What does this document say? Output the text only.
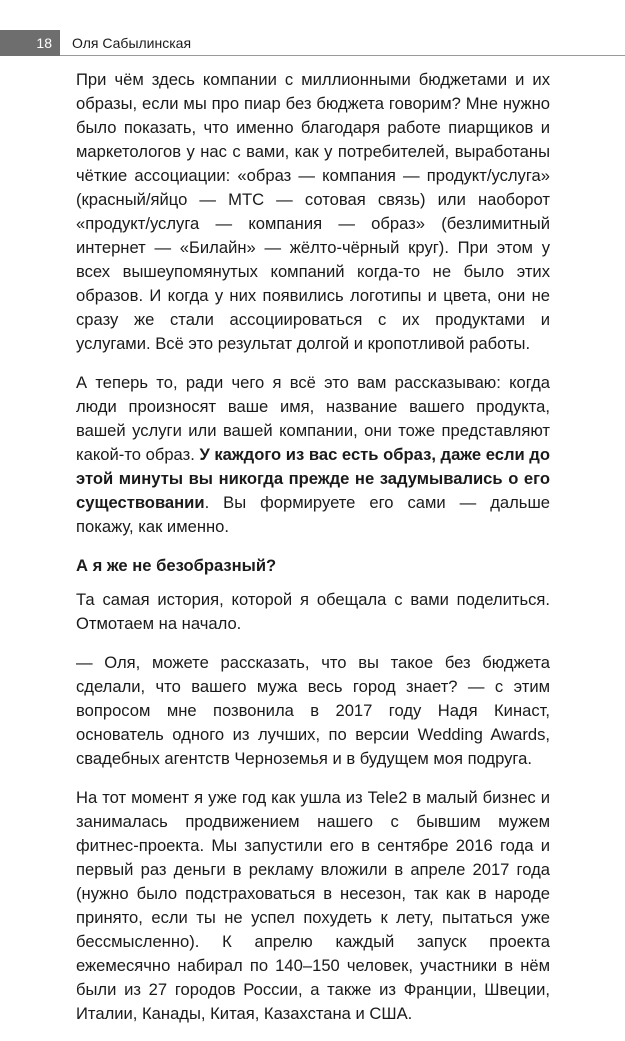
18	Оля Сабылинская

При чём здесь компании с миллионными бюджетами и их образы, если мы про пиар без бюджета говорим? Мне нужно было показать, что именно благодаря работе пиарщиков и маркетологов у нас с вами, как у потребителей, выработаны чёткие ассоциации: «образ — компания — продукт/услуга» (красный/яйцо — МТС — сотовая связь) или наоборот «продукт/услуга — компания — образ» (безлимитный интернет — «Билайн» — жёлто-чёрный круг). При этом у всех вышеупомянутых компаний когда-то не было этих образов. И когда у них появились логотипы и цвета, они не сразу же стали ассоциироваться с их продуктами и услугами. Всё это результат долгой и кропотливой работы.

А теперь то, ради чего я всё это вам рассказываю: когда люди произносят ваше имя, название вашего продукта, вашей услуги или вашей компании, они тоже представляют какой-то образ. У каждого из вас есть образ, даже если до этой минуты вы никогда прежде не задумывались о его существовании. Вы формируете его сами — дальше покажу, как именно.

А я же не безобразный?

Та самая история, которой я обещала с вами поделиться. Отмотаем на начало.

— Оля, можете рассказать, что вы такое без бюджета сделали, что вашего мужа весь город знает? — с этим вопросом мне позвонила в 2017 году Надя Кинаст, основатель одного из лучших, по версии Wedding Awards, свадебных агентств Черноземья и в будущем моя подруга.

На тот момент я уже год как ушла из Tele2 в малый бизнес и занималась продвижением нашего с бывшим мужем фитнес-проекта. Мы запустили его в сентябре 2016 года и первый раз деньги в рекламу вложили в апреле 2017 года (нужно было подстраховаться в несезон, так как в народе принято, если ты не успел похудеть к лету, пытаться уже бессмысленно). К апрелю каждый запуск проекта ежемесячно набирал по 140–150 человек, участники в нём были из 27 городов России, а также из Франции, Швеции, Италии, Канады, Китая, Казахстана и США.
